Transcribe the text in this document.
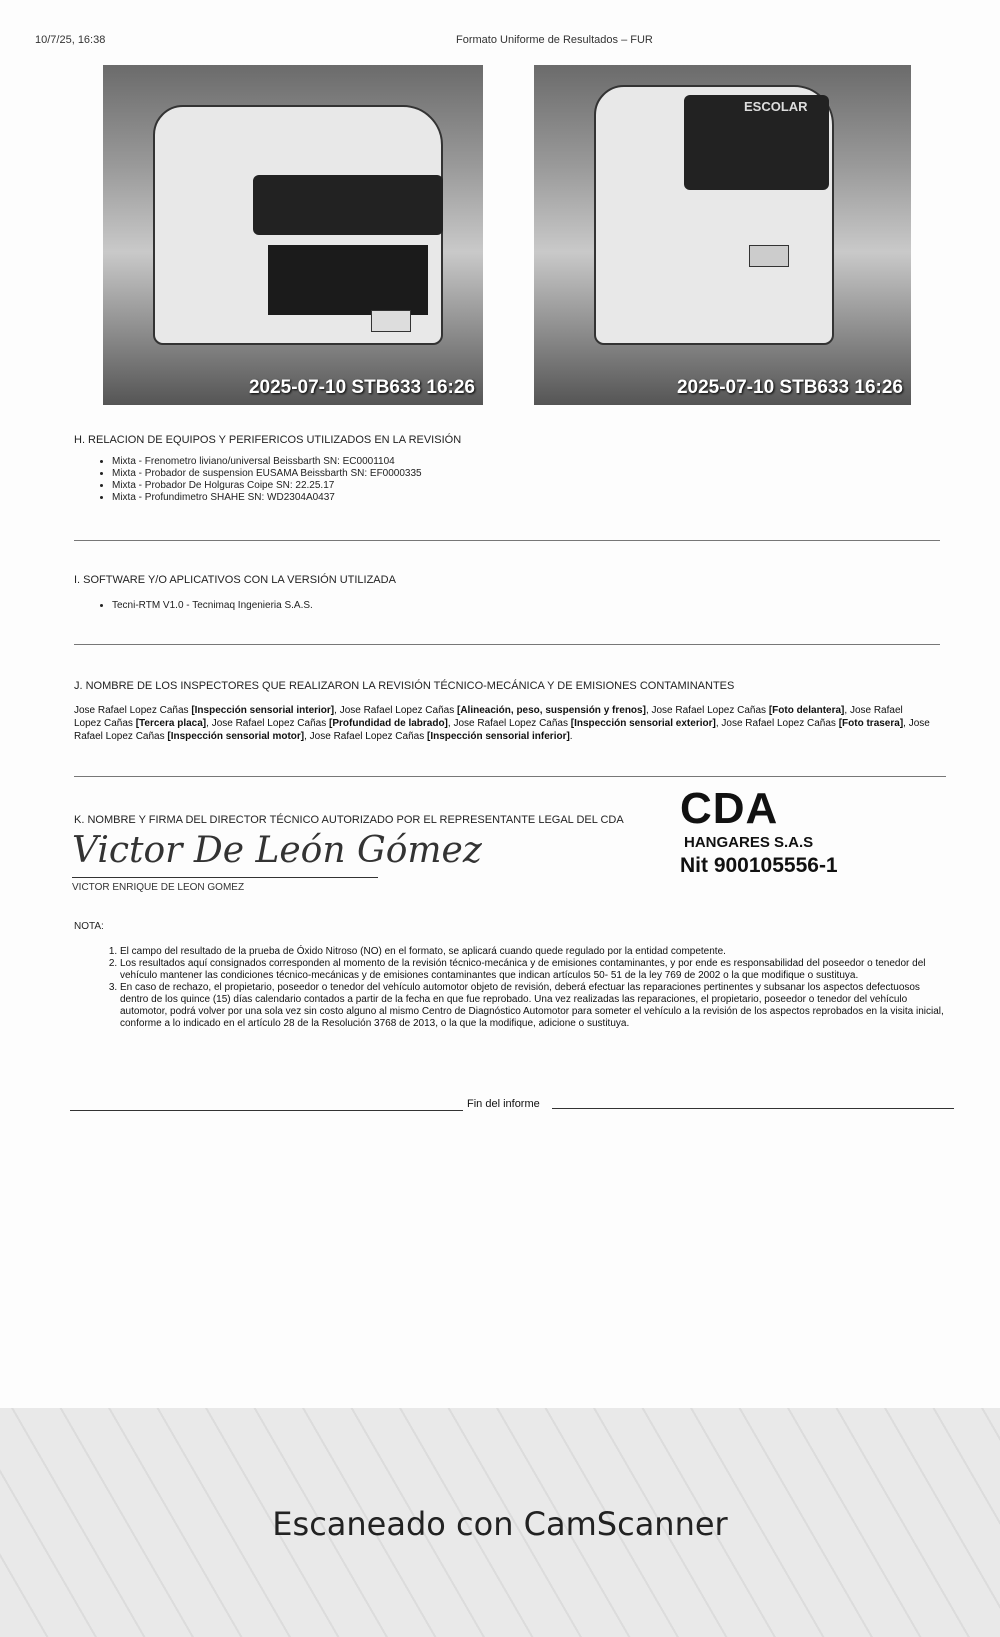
10/7/25, 16:38	Formato Uniforme de Resultados – FUR
2025-07-10 STB633 16:26
ESCOLAR
2025-07-10 STB633 16:26
H. RELACION DE EQUIPOS Y PERIFERICOS UTILIZADOS EN LA REVISIÓN
• Mixta - Frenometro liviano/universal Beissbarth SN: EC0001104
• Mixta - Probador de suspension EUSAMA Beissbarth SN: EF0000335
• Mixta - Probador De Holguras Coipe SN: 22.25.17
• Mixta - Profundimetro SHAHE SN: WD2304A0437
I. SOFTWARE Y/O APLICATIVOS CON LA VERSIÓN UTILIZADA
• Tecni-RTM V1.0 - Tecnimaq Ingenieria S.A.S.
J. NOMBRE DE LOS INSPECTORES QUE REALIZARON LA REVISIÓN TÉCNICO-MECÁNICA Y DE EMISIONES CONTAMINANTES
Jose Rafael Lopez Cañas [Inspección sensorial interior], Jose Rafael Lopez Cañas [Alineación, peso, suspensión y frenos], Jose Rafael Lopez Cañas [Foto delantera], Jose Rafael Lopez Cañas [Tercera placa], Jose Rafael Lopez Cañas [Profundidad de labrado], Jose Rafael Lopez Cañas [Inspección sensorial exterior], Jose Rafael Lopez Cañas [Foto trasera], Jose Rafael Lopez Cañas [Inspección sensorial motor], Jose Rafael Lopez Cañas [Inspección sensorial inferior].
K. NOMBRE Y FIRMA DEL DIRECTOR TÉCNICO AUTORIZADO POR EL REPRESENTANTE LEGAL DEL CDA
Victor De León Gómez
CDA
HANGARES S.A.S
Nit 900105556-1
VICTOR ENRIQUE DE LEON GOMEZ
NOTA:
1. El campo del resultado de la prueba de Óxido Nitroso (NO) en el formato, se aplicará cuando quede regulado por la entidad competente.
2. Los resultados aquí consignados corresponden al momento de la revisión técnico-mecánica y de emisiones contaminantes, y por ende es responsabilidad del poseedor o tenedor del vehículo mantener las condiciones técnico-mecánicas y de emisiones contaminantes que indican artículos 50- 51 de la ley 769 de 2002 o la que modifique o sustituya.
3. En caso de rechazo, el propietario, poseedor o tenedor del vehículo automotor objeto de revisión, deberá efectuar las reparaciones pertinentes y subsanar los aspectos defectuosos dentro de los quince (15) días calendario contados a partir de la fecha en que fue reprobado. Una vez realizadas las reparaciones, el propietario, poseedor o tenedor del vehículo automotor, podrá volver por una sola vez sin costo alguno al mismo Centro de Diagnóstico Automotor para someter el vehículo a la revisión de los aspectos reprobados en la visita inicial, conforme a lo indicado en el artículo 28 de la Resolución 3768 de 2013, o la que la modifique, adicione o sustituya.
Fin del informe
Escaneado con CamScanner
